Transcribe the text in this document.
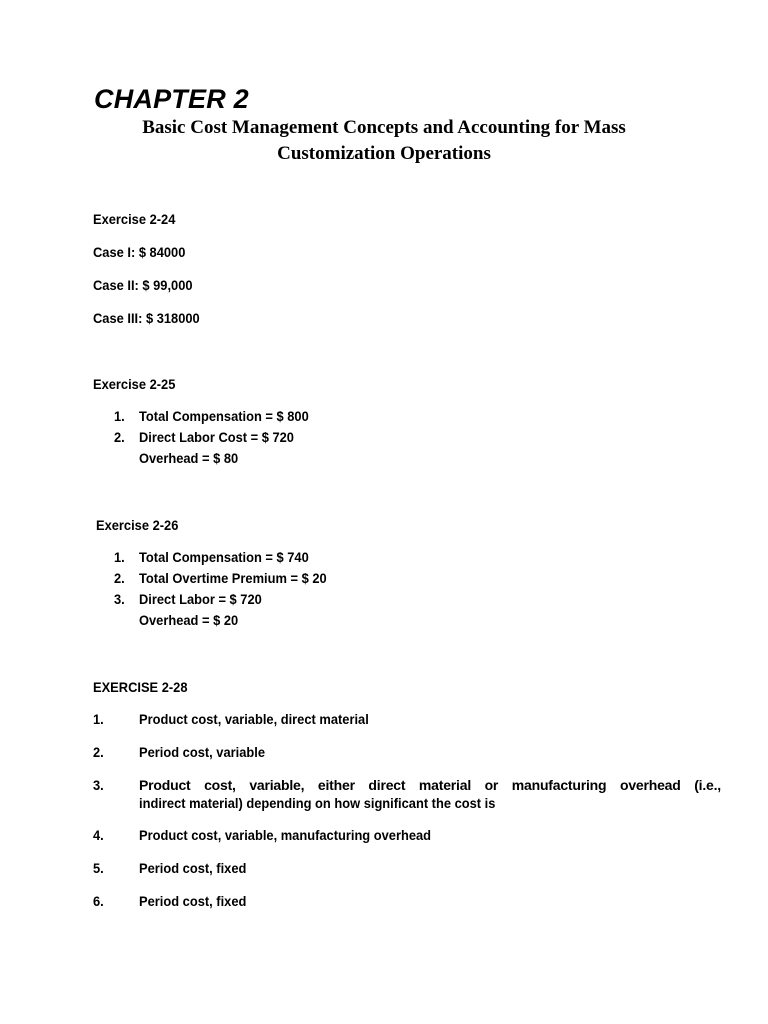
CHAPTER 2
Basic Cost Management Concepts and Accounting for Mass
Customization Operations
Exercise 2-24
Case I: $ 84000
Case II: $ 99,000
Case III: $ 318000
Exercise 2-25
1. Total Compensation = $ 800
2. Direct Labor Cost = $ 720
Overhead = $ 80
Exercise 2-26
1. Total Compensation = $ 740
2. Total Overtime Premium = $ 20
3. Direct Labor = $ 720
Overhead = $ 20
EXERCISE 2-28
1.	Product cost, variable, direct material
2.	Period cost, variable
3.	Product cost, variable, either direct material or manufacturing overhead (i.e.,
indirect material) depending on how significant the cost is
4.	Product cost, variable, manufacturing overhead
5.	Period cost, fixed
6.	Period cost, fixed
